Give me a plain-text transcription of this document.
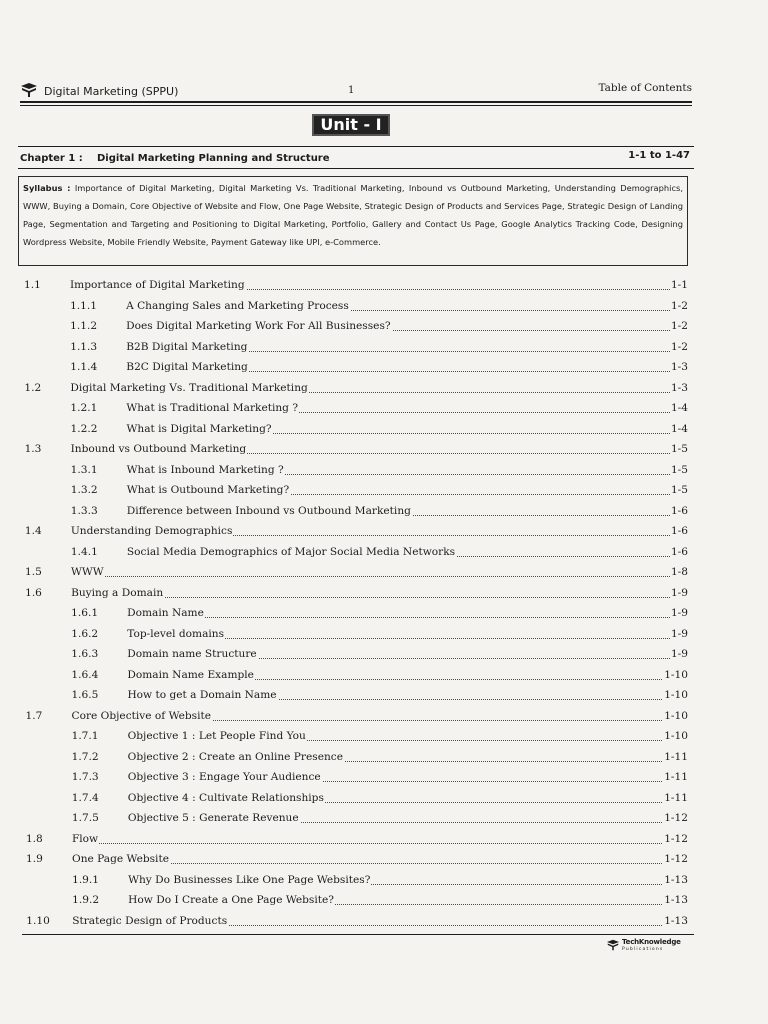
Digital Marketing (SPPU)	1	Table of Contents
Unit - I
Chapter 1 : Digital Marketing Planning and Structure	1-1 to 1-47
Syllabus : Importance of Digital Marketing, Digital Marketing Vs. Traditional Marketing, Inbound vs Outbound Marketing, Understanding Demographics, WWW, Buying a Domain, Core Objective of Website and Flow, One Page Website, Strategic Design of Products and Services Page, Strategic Design of Landing Page, Segmentation and Targeting and Positioning to Digital Marketing, Portfolio, Gallery and Contact Us Page, Google Analytics Tracking Code, Designing Wordpress Website, Mobile Friendly Website, Payment Gateway like UPI, e-Commerce.
1.1	Importance of Digital Marketing	1-1
1.1.1	A Changing Sales and Marketing Process	1-2
1.1.2	Does Digital Marketing Work For All Businesses?	1-2
1.1.3	B2B Digital Marketing	1-2
1.1.4	B2C Digital Marketing	1-3
1.2	Digital Marketing Vs. Traditional Marketing	1-3
1.2.1	What is Traditional Marketing ?	1-4
1.2.2	What is Digital Marketing?	1-4
1.3	Inbound vs Outbound Marketing	1-5
1.3.1	What is Inbound Marketing ?	1-5
1.3.2	What is Outbound Marketing?	1-5
1.3.3	Difference between Inbound vs Outbound Marketing	1-6
1.4	Understanding Demographics	1-6
1.4.1	Social Media Demographics of Major Social Media Networks	1-6
1.5	WWW	1-8
1.6	Buying a Domain	1-9
1.6.1	Domain Name	1-9
1.6.2	Top-level domains	1-9
1.6.3	Domain name Structure	1-9
1.6.4	Domain Name Example	1-10
1.6.5	How to get a Domain Name	1-10
1.7	Core Objective of Website	1-10
1.7.1	Objective 1 : Let People Find You	1-10
1.7.2	Objective 2 : Create an Online Presence	1-11
1.7.3	Objective 3 : Engage Your Audience	1-11
1.7.4	Objective 4 : Cultivate Relationships	1-11
1.7.5	Objective 5 : Generate Revenue	1-12
1.8	Flow	1-12
1.9	One Page Website	1-12
1.9.1	Why Do Businesses Like One Page Websites?	1-13
1.9.2	How Do I Create a One Page Website?	1-13
1.10 Strategic Design of Products	1-13
TechKnowledge
Publications
